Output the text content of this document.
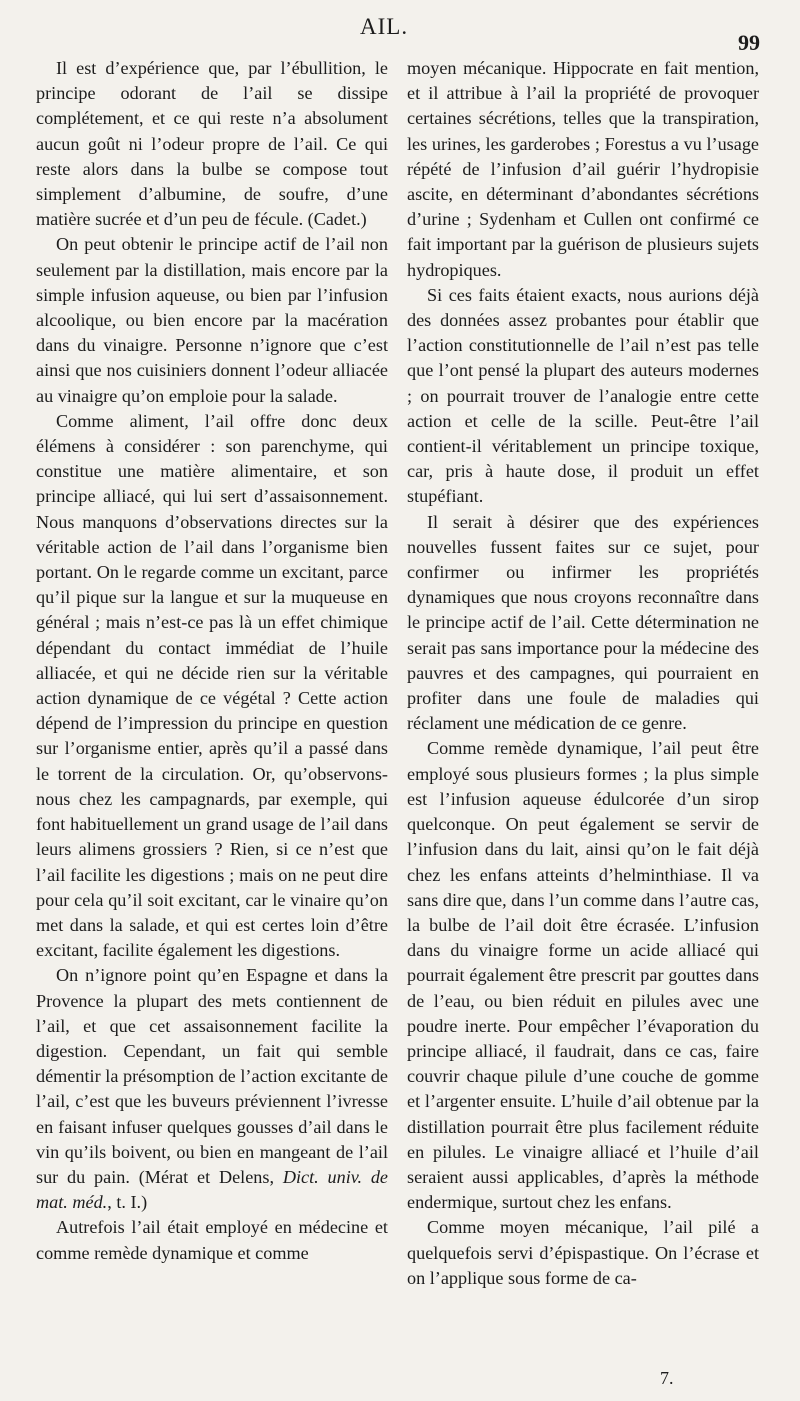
AIL.
99

Il est d’expérience que, par l’ébullition, le principe odorant de l’ail se dissipe complétement, et ce qui reste n’a absolument aucun goût ni l’odeur propre de l’ail. Ce qui reste alors dans la bulbe se compose tout simplement d’albumine, de soufre, d’une matière sucrée et d’un peu de fécule. (Cadet.)

On peut obtenir le principe actif de l’ail non seulement par la distillation, mais encore par la simple infusion aqueuse, ou bien par l’infusion alcoolique, ou bien encore par la macération dans du vinaigre. Personne n’ignore que c’est ainsi que nos cuisiniers donnent l’odeur alliacée au vinaigre qu’on emploie pour la salade.

Comme aliment, l’ail offre donc deux élémens à considérer : son parenchyme, qui constitue une matière alimentaire, et son principe alliacé, qui lui sert d’assaisonnement. Nous manquons d’observations directes sur la véritable action de l’ail dans l’organisme bien portant. On le regarde comme un excitant, parce qu’il pique sur la langue et sur la muqueuse en général ; mais n’est-ce pas là un effet chimique dépendant du contact immédiat de l’huile alliacée, et qui ne décide rien sur la véritable action dynamique de ce végétal ? Cette action dépend de l’impression du principe en question sur l’organisme entier, après qu’il a passé dans le torrent de la circulation. Or, qu’observons-nous chez les campagnards, par exemple, qui font habituellement un grand usage de l’ail dans leurs alimens grossiers ? Rien, si ce n’est que l’ail facilite les digestions ; mais on ne peut dire pour cela qu’il soit excitant, car le vinaire qu’on met dans la salade, et qui est certes loin d’être excitant, facilite également les digestions.

On n’ignore point qu’en Espagne et dans la Provence la plupart des mets contiennent de l’ail, et que cet assaisonnement facilite la digestion. Cependant, un fait qui semble démentir la présomption de l’action excitante de l’ail, c’est que les buveurs préviennent l’ivresse en faisant infuser quelques gousses d’ail dans le vin qu’ils boivent, ou bien en mangeant de l’ail sur du pain. (Mérat et Delens, Dict. univ. de mat. méd., t. I.)

Autrefois l’ail était employé en médecine et comme remède dynamique et comme

moyen mécanique. Hippocrate en fait mention, et il attribue à l’ail la propriété de provoquer certaines sécrétions, telles que la transpiration, les urines, les garderobes ; Forestus a vu l’usage répété de l’infusion d’ail guérir l’hydropisie ascite, en déterminant d’abondantes sécrétions d’urine ; Sydenham et Cullen ont confirmé ce fait important par la guérison de plusieurs sujets hydropiques.

Si ces faits étaient exacts, nous aurions déjà des données assez probantes pour établir que l’action constitutionnelle de l’ail n’est pas telle que l’ont pensé la plupart des auteurs modernes ; on pourrait trouver de l’analogie entre cette action et celle de la scille. Peut-être l’ail contient-il véritablement un principe toxique, car, pris à haute dose, il produit un effet stupéfiant.

Il serait à désirer que des expériences nouvelles fussent faites sur ce sujet, pour confirmer ou infirmer les propriétés dynamiques que nous croyons reconnaître dans le principe actif de l’ail. Cette détermination ne serait pas sans importance pour la médecine des pauvres et des campagnes, qui pourraient en profiter dans une foule de maladies qui réclament une médication de ce genre.

Comme remède dynamique, l’ail peut être employé sous plusieurs formes ; la plus simple est l’infusion aqueuse édulcorée d’un sirop quelconque. On peut également se servir de l’infusion dans du lait, ainsi qu’on le fait déjà chez les enfans atteints d’helminthiase. Il va sans dire que, dans l’un comme dans l’autre cas, la bulbe de l’ail doit être écrasée. L’infusion dans du vinaigre forme un acide alliacé qui pourrait également être prescrit par gouttes dans de l’eau, ou bien réduit en pilules avec une poudre inerte. Pour empêcher l’évaporation du principe alliacé, il faudrait, dans ce cas, faire couvrir chaque pilule d’une couche de gomme et l’argenter ensuite. L’huile d’ail obtenue par la distillation pourrait être plus facilement réduite en pilules. Le vinaigre alliacé et l’huile d’ail seraient aussi applicables, d’après la méthode endermique, surtout chez les enfans.

Comme moyen mécanique, l’ail pilé a quelquefois servi d’épispastique. On l’écrase et on l’applique sous forme de ca-

7.
